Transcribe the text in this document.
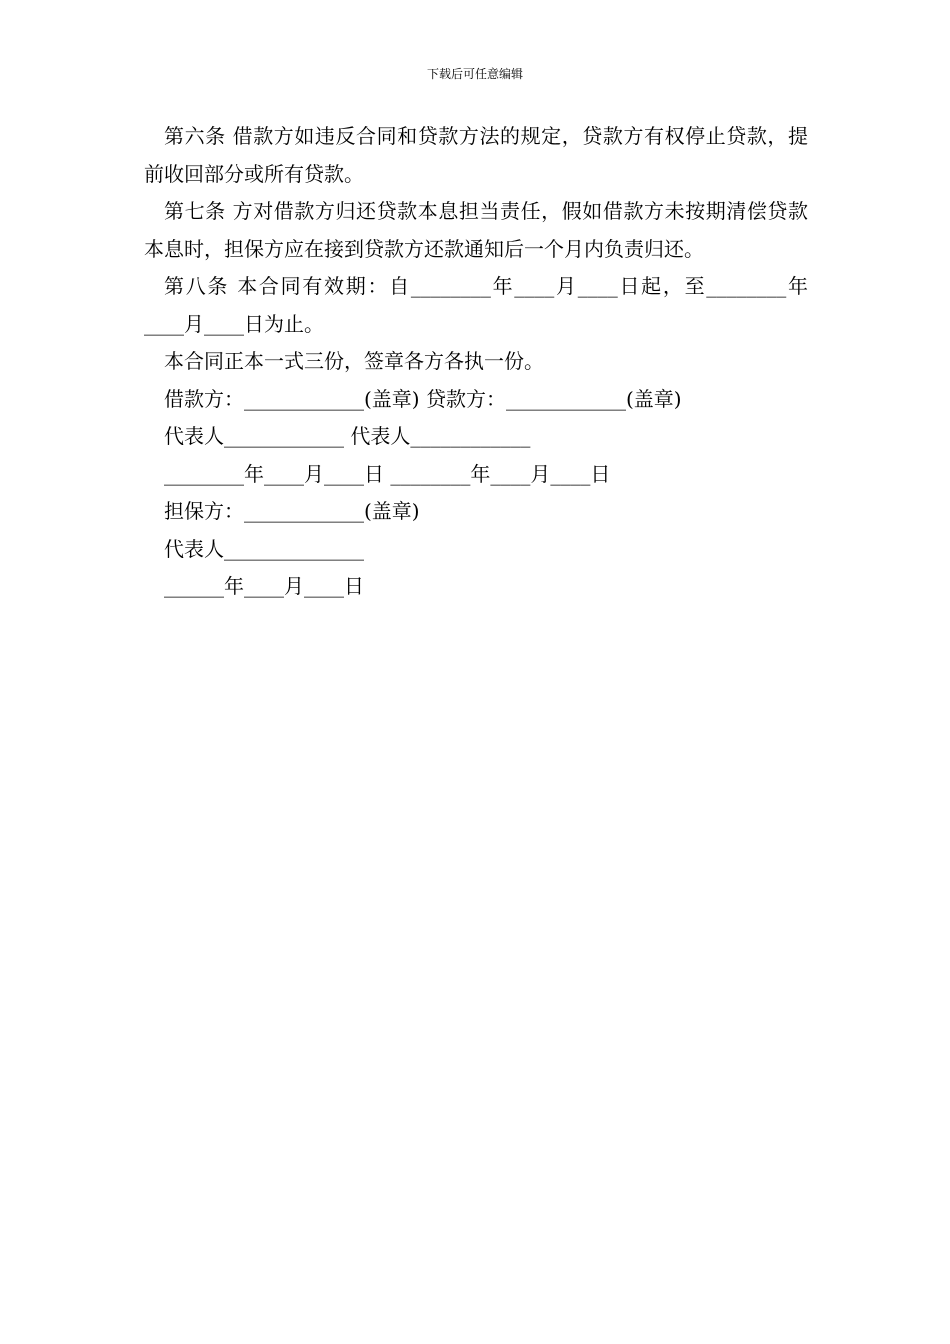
下载后可任意编辑

第六条 借款方如违反合同和贷款方法的规定，贷款方有权停止贷款，提前收回部分或所有贷款。

第七条 方对借款方归还贷款本息担当责任，假如借款方未按期清偿贷款本息时，担保方应在接到贷款方还款通知后一个月内负责归还。

第八条 本合同有效期：自________年____月____日起，至________年____月____日为止。

本合同正本一式三份，签章各方各执一份。

借款方：____________(盖章) 贷款方：____________(盖章)

代表人____________ 代表人____________

________年____月____日 ________年____月____日

担保方：____________(盖章)

代表人______________

______年____月____日
